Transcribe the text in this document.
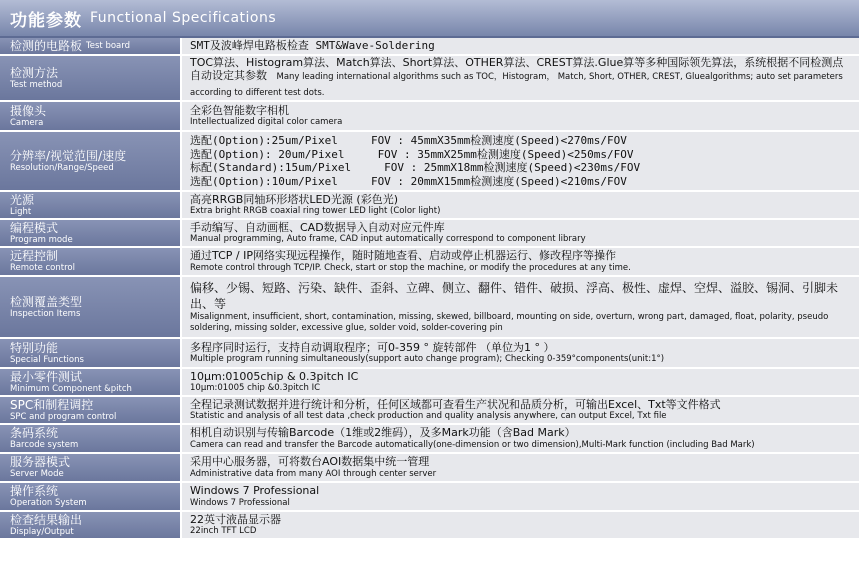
功能参数 Functional Specifications
检测的电路板 Test board	SMT及波峰焊电路板检查 SMT&Wave-Soldering
检测方法
Test method
TOC算法、Histogram算法、Match算法、Short算法、OTHER算法、CREST算法.Glue算等多种国际领先算法，系统根据不同检测点自动设定其参数 Many leading international algorithms such as TOC，Histogram， Match, Short, OTHER, CREST, Gluealgorithms; auto set parameters according to different test dots.
摄像头
Camera
全彩色智能数字相机
Intellectualized digital color camera
分辨率/视觉范围/速度
Resolution/Range/Speed
选配(Option):25um/Pixel     FOV : 45mmX35mm检测速度(Speed)<270ms/FOV
选配(Option): 20um/Pixel     FOV : 35mmX25mm检测速度(Speed)<250ms/FOV
标配(Standard):15um/Pixel     FOV : 25mmX18mm检测速度(Speed)<230ms/FOV
选配(Option):10um/Pixel     FOV : 20mmX15mm检测速度(Speed)<210ms/FOV
光源
Light
高亮RRGB同轴环形塔状LED光源 (彩色光)
Extra bright RRGB coaxial ring tower LED light (Color light)
编程模式
Program mode
手动编写、自动画框、CAD数据导入自动对应元件库
Manual programming, Auto frame, CAD input automatically correspond to component library
远程控制
Remote control
通过TCP / IP网络实现远程操作，随时随地查看、启动或停止机器运行、修改程序等操作
Remote control through TCP/IP. Check, start or stop the machine, or modify the procedures at any time.
检测覆盖类型
Inspection Items
偏移、少锡、短路、污染、缺件、歪斜、立碑、侧立、翻件、错件、破损、浮高、极性、虚焊、空焊、溢胶、锡洞、引脚未出、等
Misalignment, insufficient, short, contamination, missing, skewed, billboard, mounting on side, overturn, wrong part, damaged, float, polarity, pseudo soldering, missing solder, excessive glue, solder void, solder-covering pin
特别功能
Special Functions
多程序同时运行，支持自动调取程序；可0-359 ° 旋转部件 （单位为1 ° ）
Multiple program running simultaneously(support auto change program); Checking 0-359°components(unit:1°)
最小零件测试
Minimum Component &pitch
10μm:01005chip & 0.3pitch IC
10μm:01005 chip &0.3pitch IC
SPC和制程调控
SPC and program control
全程记录测试数据并进行统计和分析，任何区域都可查看生产状况和品质分析，可输出Excel、Txt等文件格式
Statistic and analysis of all test data ,check production and quality analysis anywhere, can output Excel, Txt file
条码系统
Barcode system
相机自动识别与传输Barcode（1维或2维码），及多Mark功能（含Bad Mark）
Camera can read and transfer the Barcode automatically(one-dimension or two dimension),Multi-Mark function (including Bad Mark)
服务器模式
Server Mode
采用中心服务器，可将数台AOI数据集中统一管理
Administrative data from many AOI through center server
操作系统
Operation System
Windows 7 Professional
Windows 7 Professional
检查结果输出
Display/Output
22英寸液晶显示器
22inch TFT LCD
